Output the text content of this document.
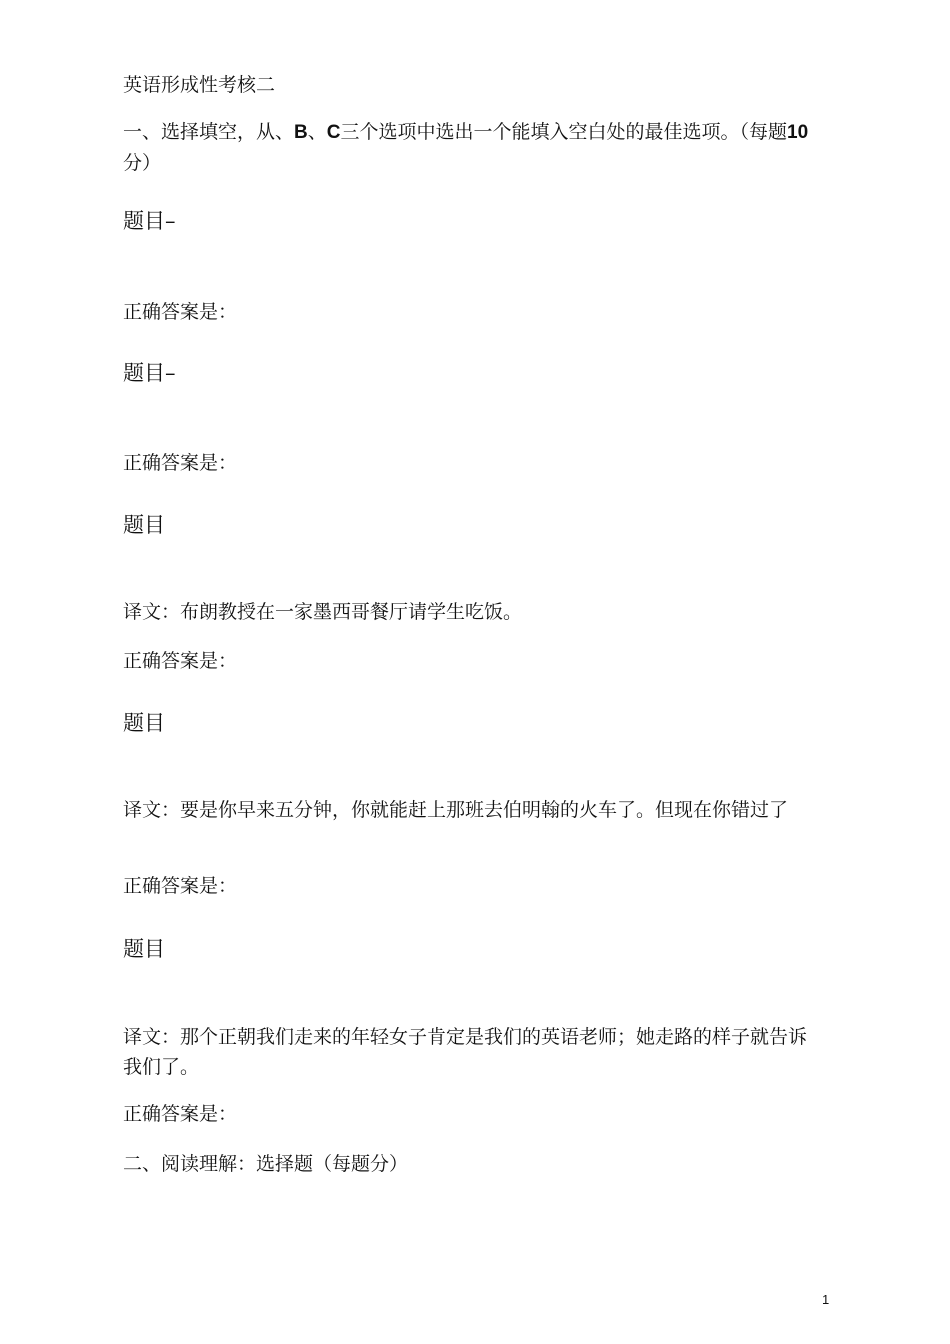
英语形成性考核二
一、选择填空，从、B、C三个选项中选出一个能填入空白处的最佳选项。（每题10分）
题目–
正确答案是：
题目–
正确答案是：
题目
译文：布朗教授在一家墨西哥餐厅请学生吃饭。
正确答案是：
题目
译文：要是你早来五分钟，你就能赶上那班去伯明翰的火车了。但现在你错过了
正确答案是：
题目
译文：那个正朝我们走来的年轻女子肯定是我们的英语老师；她走路的样子就告诉我们了。
正确答案是：
二、阅读理解：选择题（每题分）
1
